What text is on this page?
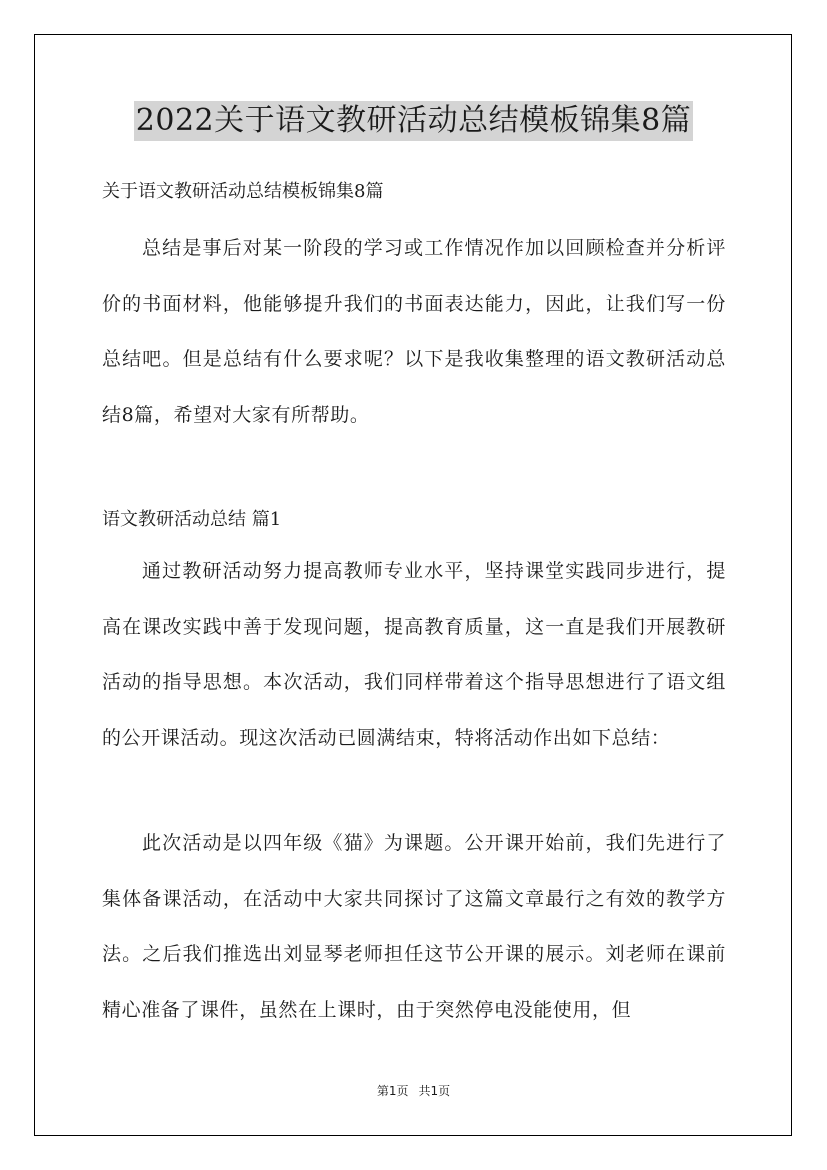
2022关于语文教研活动总结模板锦集8篇
关于语文教研活动总结模板锦集8篇
总结是事后对某一阶段的学习或工作情况作加以回顾检查并分析评价的书面材料，他能够提升我们的书面表达能力，因此，让我们写一份总结吧。但是总结有什么要求呢？以下是我收集整理的语文教研活动总结8篇，希望对大家有所帮助。
语文教研活动总结 篇1
通过教研活动努力提高教师专业水平，坚持课堂实践同步进行，提高在课改实践中善于发现问题，提高教育质量，这一直是我们开展教研活动的指导思想。本次活动，我们同样带着这个指导思想进行了语文组的公开课活动。现这次活动已圆满结束，特将活动作出如下总结：
此次活动是以四年级《猫》为课题。公开课开始前，我们先进行了集体备课活动，在活动中大家共同探讨了这篇文章最行之有效的教学方法。之后我们推选出刘显琴老师担任这节公开课的展示。刘老师在课前精心准备了课件，虽然在上课时，由于突然停电没能使用，但
第1页 共1页
